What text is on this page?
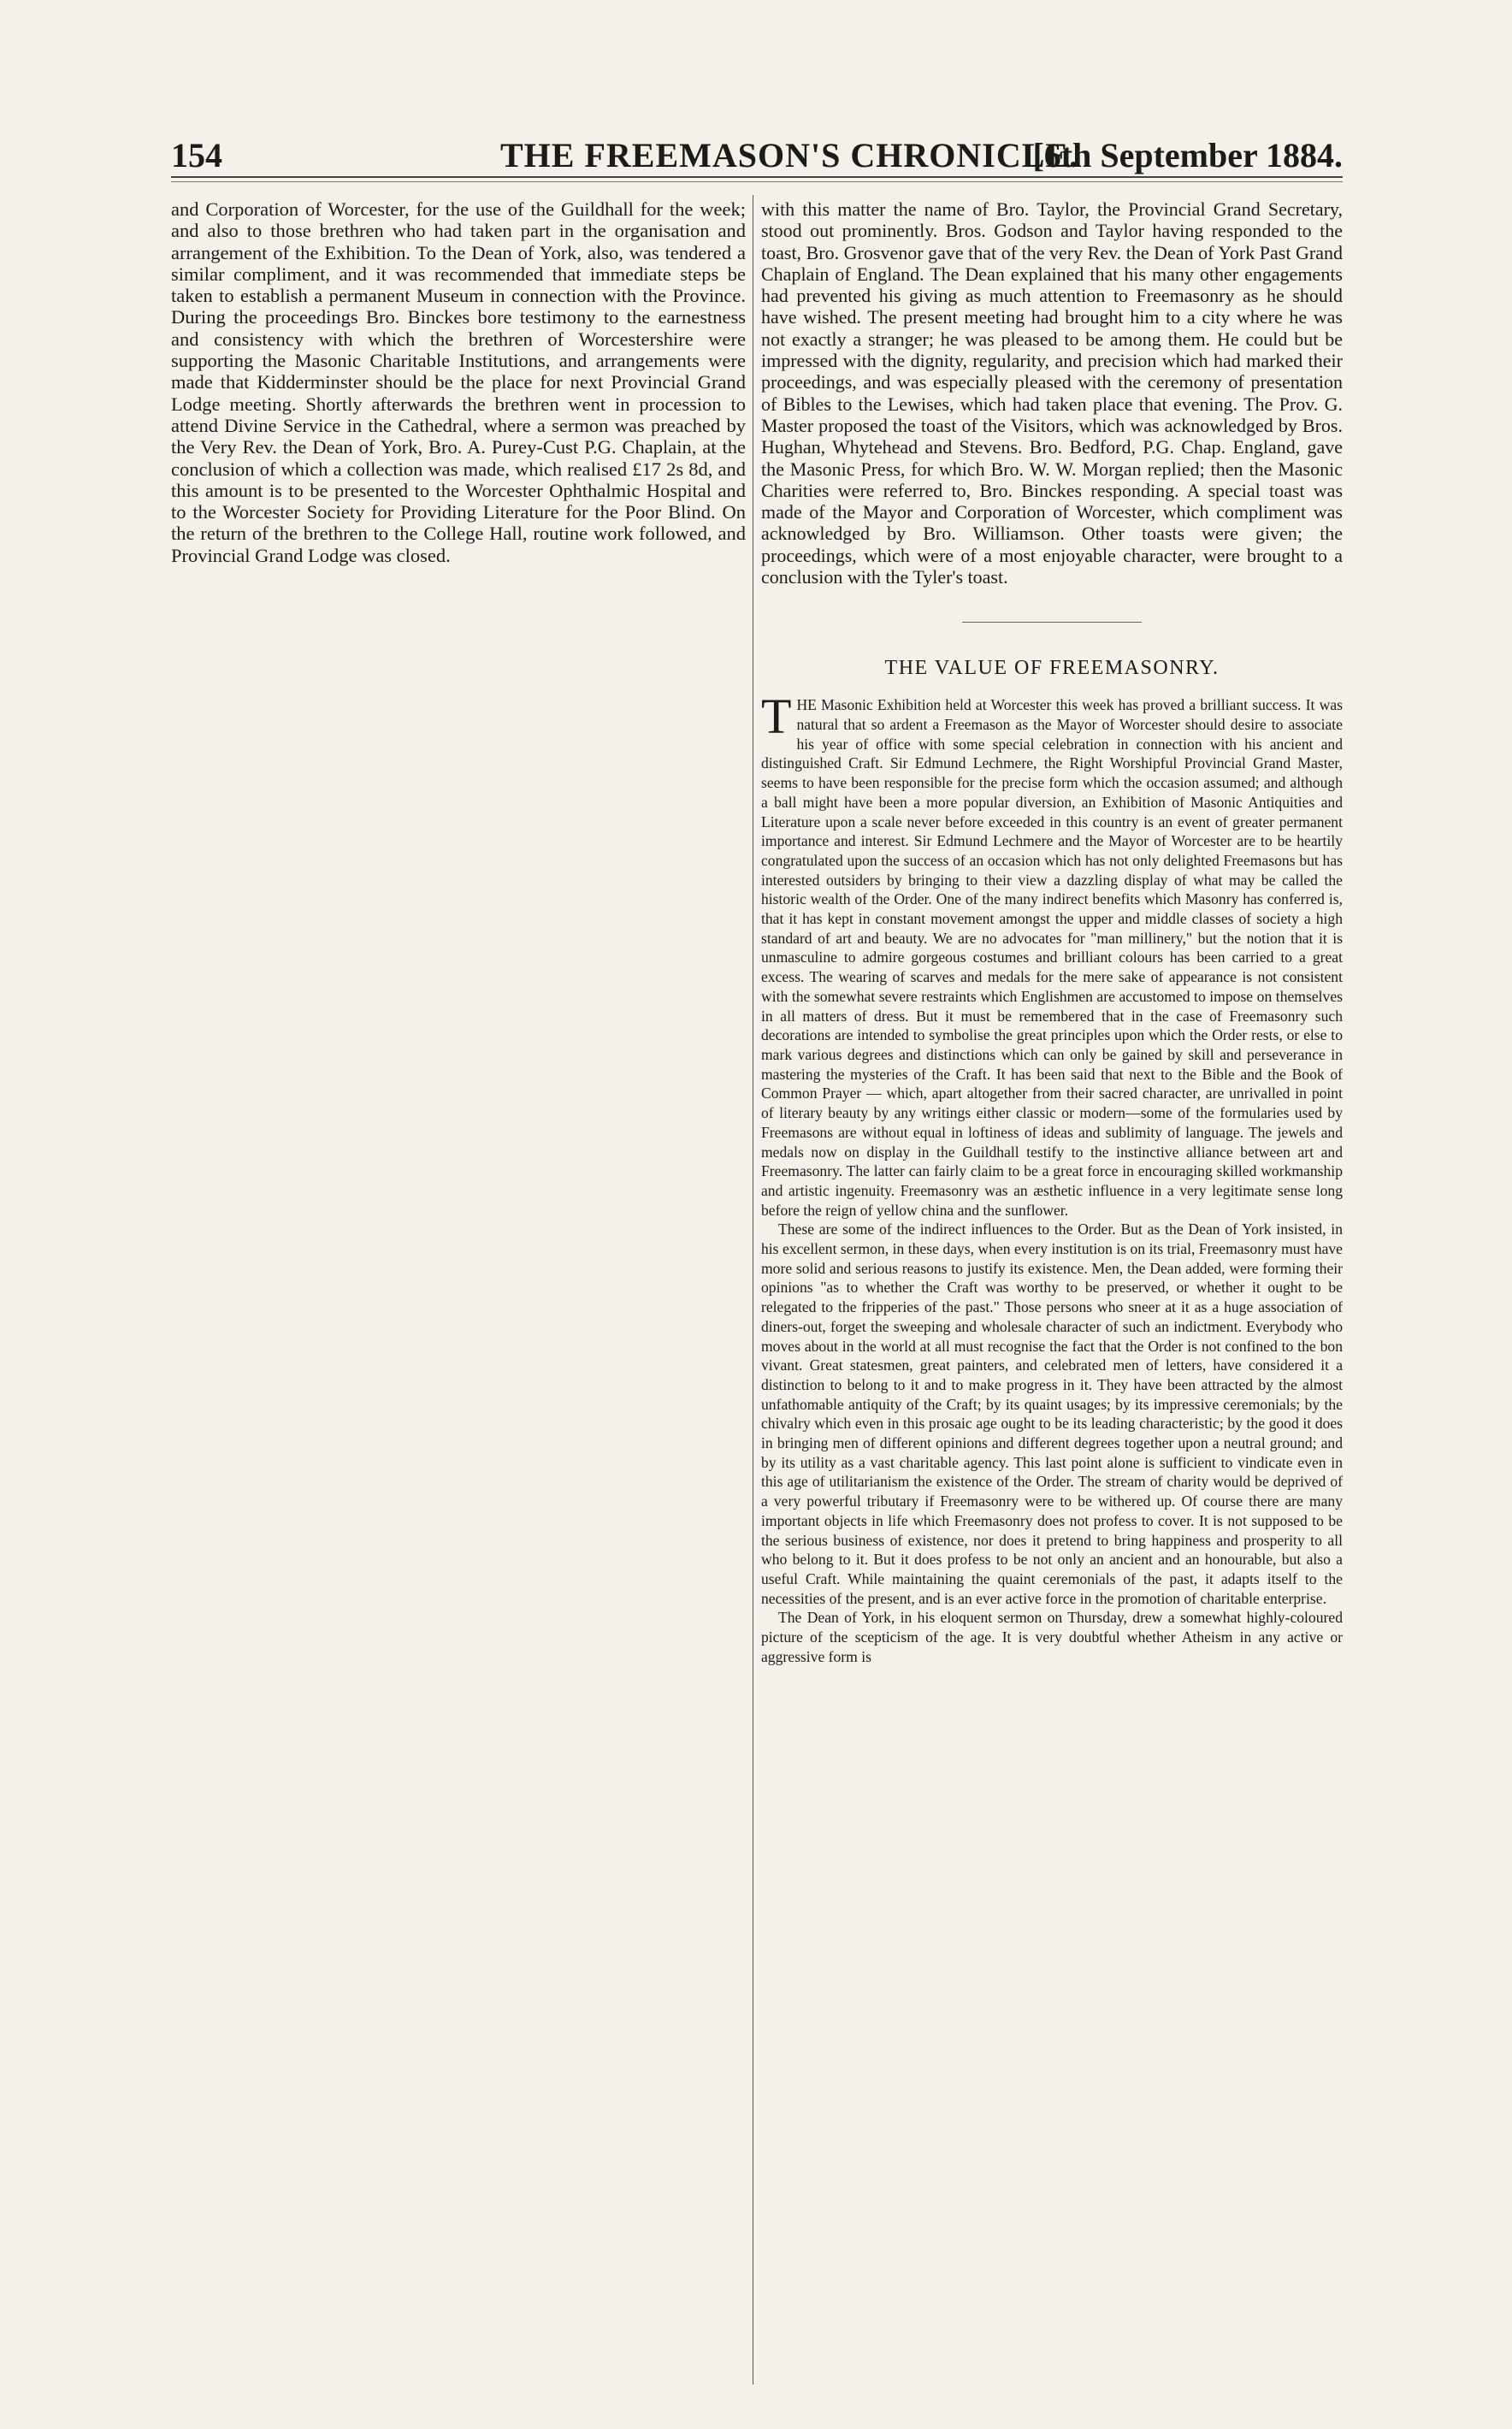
154	THE FREEMASON'S CHRONICLE.
[6th September 1884.

and Corporation of Worcester, for the use of the Guildhall for the week; and also to those brethren who had taken part in the organisation and arrangement of the Exhibition. To the Dean of York, also, was tendered a similar compliment, and it was recommended that immediate steps be taken to establish a permanent Museum in connection with the Province. During the proceedings Bro. Binckes bore testimony to the earnestness and consistency with which the brethren of Worcestershire were supporting the Masonic Charitable Institutions, and arrangements were made that Kidderminster should be the place for next Provincial Grand Lodge meeting. Shortly afterwards the brethren went in procession to attend Divine Service in the Cathedral, where a sermon was preached by the Very Rev. the Dean of York, Bro. A. Purey-Cust P.G. Chaplain, at the conclusion of which a collection was made, which realised £17 2s 8d, and this amount is to be presented to the Worcester Ophthalmic Hospital and to the Worcester Society for Providing Literature for the Poor Blind. On the return of the brethren to the College Hall, routine work followed, and Provincial Grand Lodge was closed.

with this matter the name of Bro. Taylor, the Provincial Grand Secretary, stood out prominently. Bros. Godson and Taylor having responded to the toast, Bro. Grosvenor gave that of the very Rev. the Dean of York Past Grand Chaplain of England. The Dean explained that his many other engagements had prevented his giving as much attention to Freemasonry as he should have wished. The present meeting had brought him to a city where he was not exactly a stranger; he was pleased to be among them. He could but be impressed with the dignity, regularity, and precision which had marked their proceedings, and was especially pleased with the ceremony of presentation of Bibles to the Lewises, which had taken place that evening. The Prov. G. Master proposed the toast of the Visitors, which was acknowledged by Bros. Hughan, Whytehead and Stevens. Bro. Bedford, P.G. Chap. England, gave the Masonic Press, for which Bro. W. W. Morgan replied; then the Masonic Charities were referred to, Bro. Binckes responding. A special toast was made of the Mayor and Corporation of Worcester, which compliment was acknowledged by Bro. Williamson. Other toasts were given; the proceedings, which were of a most enjoyable character, were brought to a conclusion with the Tyler's toast.

THE VALUE OF FREEMASONRY.

THE Masonic Exhibition held at Worcester this week has proved a brilliant success. It was natural that so ardent a Freemason as the Mayor of Worcester should desire to associate his year of office with some special celebration in connection with his ancient and distinguished Craft. Sir Edmund Lechmere, the Right Worshipful Provincial Grand Master, seems to have been responsible for the precise form which the occasion assumed; and although a ball might have been a more popular diversion, an Exhibition of Masonic Antiquities and Literature upon a scale never before exceeded in this country is an event of greater permanent importance and interest. Sir Edmund Lechmere and the Mayor of Worcester are to be heartily congratulated upon the success of an occasion which has not only delighted Freemasons but has interested outsiders by bringing to their view a dazzling display of what may be called the historic wealth of the Order. One of the many indirect benefits which Masonry has conferred is, that it has kept in constant movement amongst the upper and middle classes of society a high standard of art and beauty. We are no advocates for "man millinery," but the notion that it is unmasculine to admire gorgeous costumes and brilliant colours has been carried to a great excess. The wearing of scarves and medals for the mere sake of appearance is not consistent with the somewhat severe restraints which Englishmen are accustomed to impose on themselves in all matters of dress. But it must be remembered that in the case of Freemasonry such decorations are intended to symbolise the great principles upon which the Order rests, or else to mark various degrees and distinctions which can only be gained by skill and perseverance in mastering the mysteries of the Craft. It has been said that next to the Bible and the Book of Common Prayer — which, apart altogether from their sacred character, are unrivalled in point of literary beauty by any writings either classic or modern—some of the formularies used by Freemasons are without equal in loftiness of ideas and sublimity of language. The jewels and medals now on display in the Guildhall testify to the instinctive alliance between art and Freemasonry. The latter can fairly claim to be a great force in encouraging skilled workmanship and artistic ingenuity. Freemasonry was an æsthetic influence in a very legitimate sense long before the reign of yellow china and the sunflower.

These are some of the indirect influences to the Order. But as the Dean of York insisted, in his excellent sermon, in these days, when every institution is on its trial, Freemasonry must have more solid and serious reasons to justify its existence. Men, the Dean added, were forming their opinions "as to whether the Craft was worthy to be preserved, or whether it ought to be relegated to the fripperies of the past." Those persons who sneer at it as a huge association of diners-out, forget the sweeping and wholesale character of such an indictment. Everybody who moves about in the world at all must recognise the fact that the Order is not confined to the bon vivant. Great statesmen, great painters, and celebrated men of letters, have considered it a distinction to belong to it and to make progress in it. They have been attracted by the almost unfathomable antiquity of the Craft; by its quaint usages; by its impressive ceremonials; by the chivalry which even in this prosaic age ought to be its leading characteristic; by the good it does in bringing men of different opinions and different degrees together upon a neutral ground; and by its utility as a vast charitable agency. This last point alone is sufficient to vindicate even in this age of utilitarianism the existence of the Order. The stream of charity would be deprived of a very powerful tributary if Freemasonry were to be withered up. Of course there are many important objects in life which Freemasonry does not profess to cover. It is not supposed to be the serious business of existence, nor does it pretend to bring happiness and prosperity to all who belong to it. But it does profess to be not only an ancient and an honourable, but also a useful Craft. While maintaining the quaint ceremonials of the past, it adapts itself to the necessities of the present, and is an ever active force in the promotion of charitable enterprise.

The Dean of York, in his eloquent sermon on Thursday, drew a somewhat highly-coloured picture of the scepticism of the age. It is very doubtful whether Atheism in any active or aggressive form is
